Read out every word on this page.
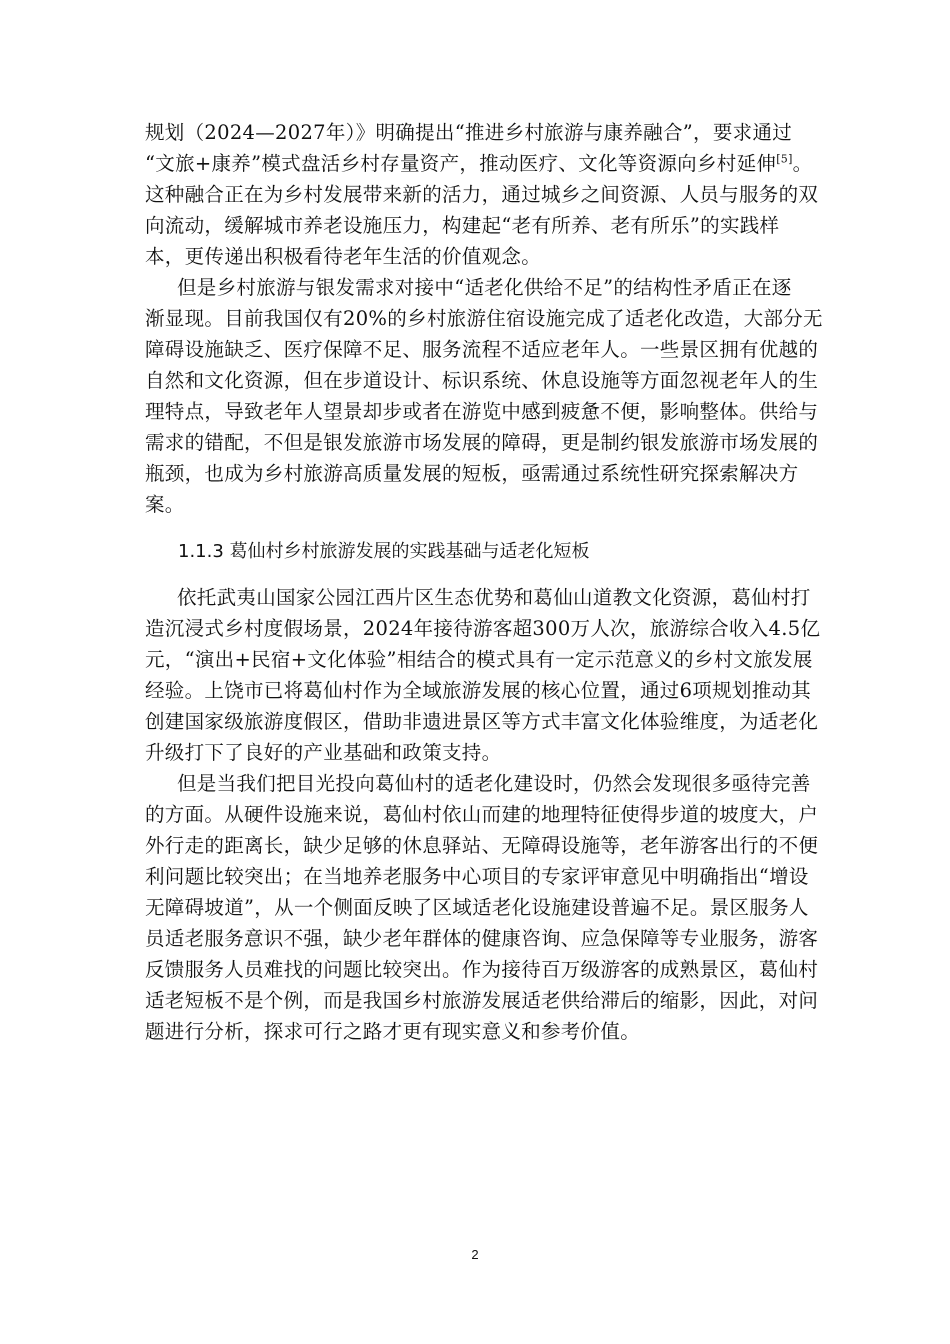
规划（2024—2027年）》明确提出“推进乡村旅游与康养融合”，要求通过
“文旅+康养”模式盘活乡村存量资产，推动医疗、文化等资源向乡村延伸[5]。
这种融合正在为乡村发展带来新的活力，通过城乡之间资源、人员与服务的双
向流动，缓解城市养老设施压力，构建起“老有所养、老有所乐”的实践样
本，更传递出积极看待老年生活的价值观念。
但是乡村旅游与银发需求对接中“适老化供给不足”的结构性矛盾正在逐
渐显现。目前我国仅有20%的乡村旅游住宿设施完成了适老化改造，大部分无
障碍设施缺乏、医疗保障不足、服务流程不适应老年人。一些景区拥有优越的
自然和文化资源，但在步道设计、标识系统、休息设施等方面忽视老年人的生
理特点，导致老年人望景却步或者在游览中感到疲惫不便，影响整体。供给与
需求的错配，不但是银发旅游市场发展的障碍，更是制约银发旅游市场发展的
瓶颈，也成为乡村旅游高质量发展的短板，亟需通过系统性研究探索解决方
案。
1.1.3 葛仙村乡村旅游发展的实践基础与适老化短板
依托武夷山国家公园江西片区生态优势和葛仙山道教文化资源，葛仙村打
造沉浸式乡村度假场景，2024年接待游客超300万人次，旅游综合收入4.5亿
元，“演出+民宿+文化体验”相结合的模式具有一定示范意义的乡村文旅发展
经验。上饶市已将葛仙村作为全域旅游发展的核心位置，通过6项规划推动其
创建国家级旅游度假区，借助非遗进景区等方式丰富文化体验维度，为适老化
升级打下了良好的产业基础和政策支持。
但是当我们把目光投向葛仙村的适老化建设时，仍然会发现很多亟待完善
的方面。从硬件设施来说，葛仙村依山而建的地理特征使得步道的坡度大，户
外行走的距离长，缺少足够的休息驿站、无障碍设施等，老年游客出行的不便
利问题比较突出；在当地养老服务中心项目的专家评审意见中明确指出“增设
无障碍坡道”，从一个侧面反映了区域适老化设施建设普遍不足。景区服务人
员适老服务意识不强，缺少老年群体的健康咨询、应急保障等专业服务，游客
反馈服务人员难找的问题比较突出。作为接待百万级游客的成熟景区，葛仙村
适老短板不是个例，而是我国乡村旅游发展适老供给滞后的缩影，因此，对问
题进行分析，探求可行之路才更有现实意义和参考价值。
2
